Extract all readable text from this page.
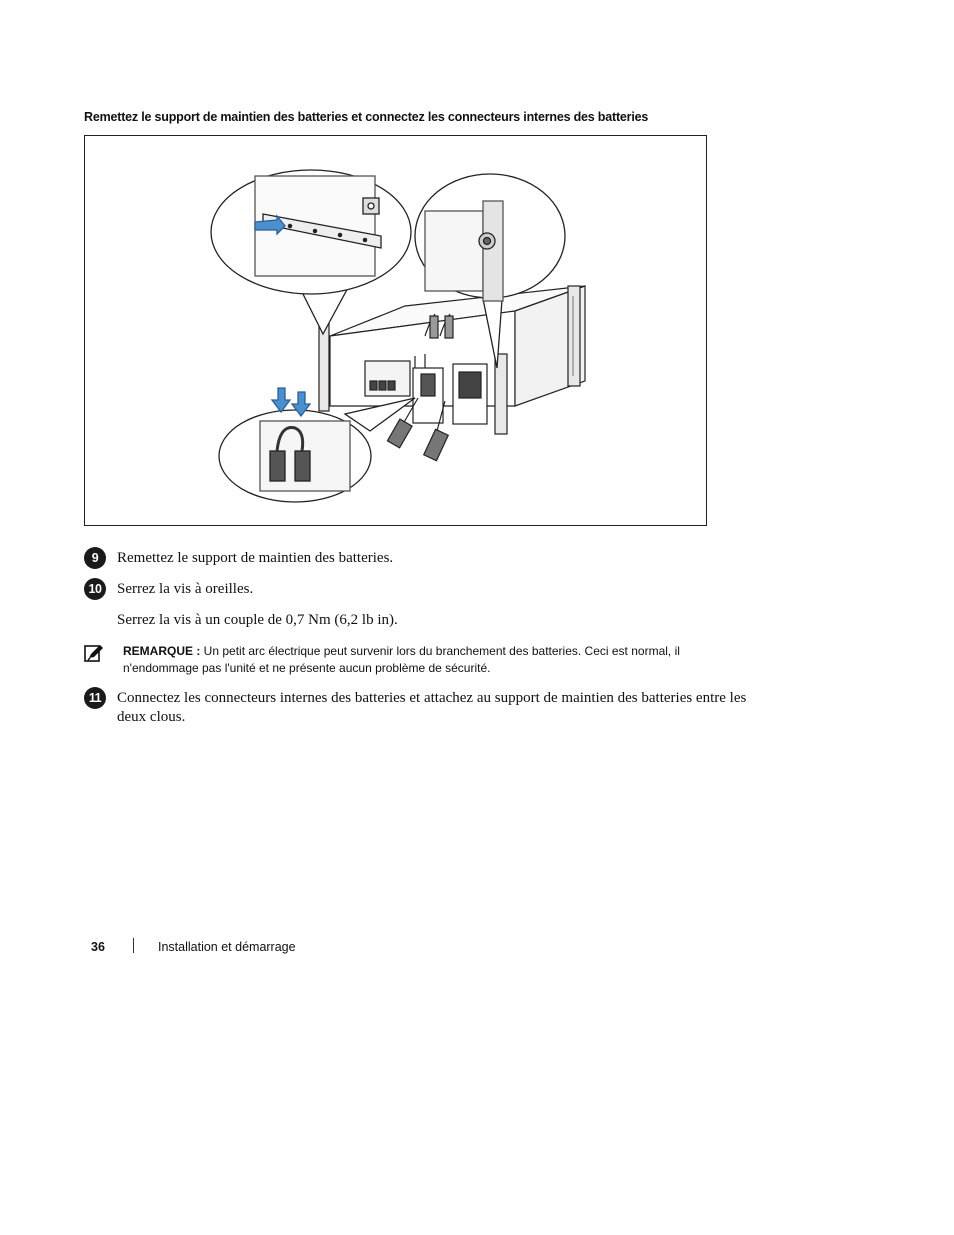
Remettez le support de maintien des batteries et connectez les connecteurs internes des batteries
9	Remettez le support de maintien des batteries.
10	Serrez la vis à oreilles.
Serrez la vis à un couple de 0,7 Nm (6,2 lb in).
REMARQUE : Un petit arc électrique peut survenir lors du branchement des batteries. Ceci est normal, il n'endommage pas l'unité et ne présente aucun problème de sécurité.
11	Connectez les connecteurs internes des batteries et attachez au support de maintien des batteries entre les deux clous.
36	Installation et démarrage
